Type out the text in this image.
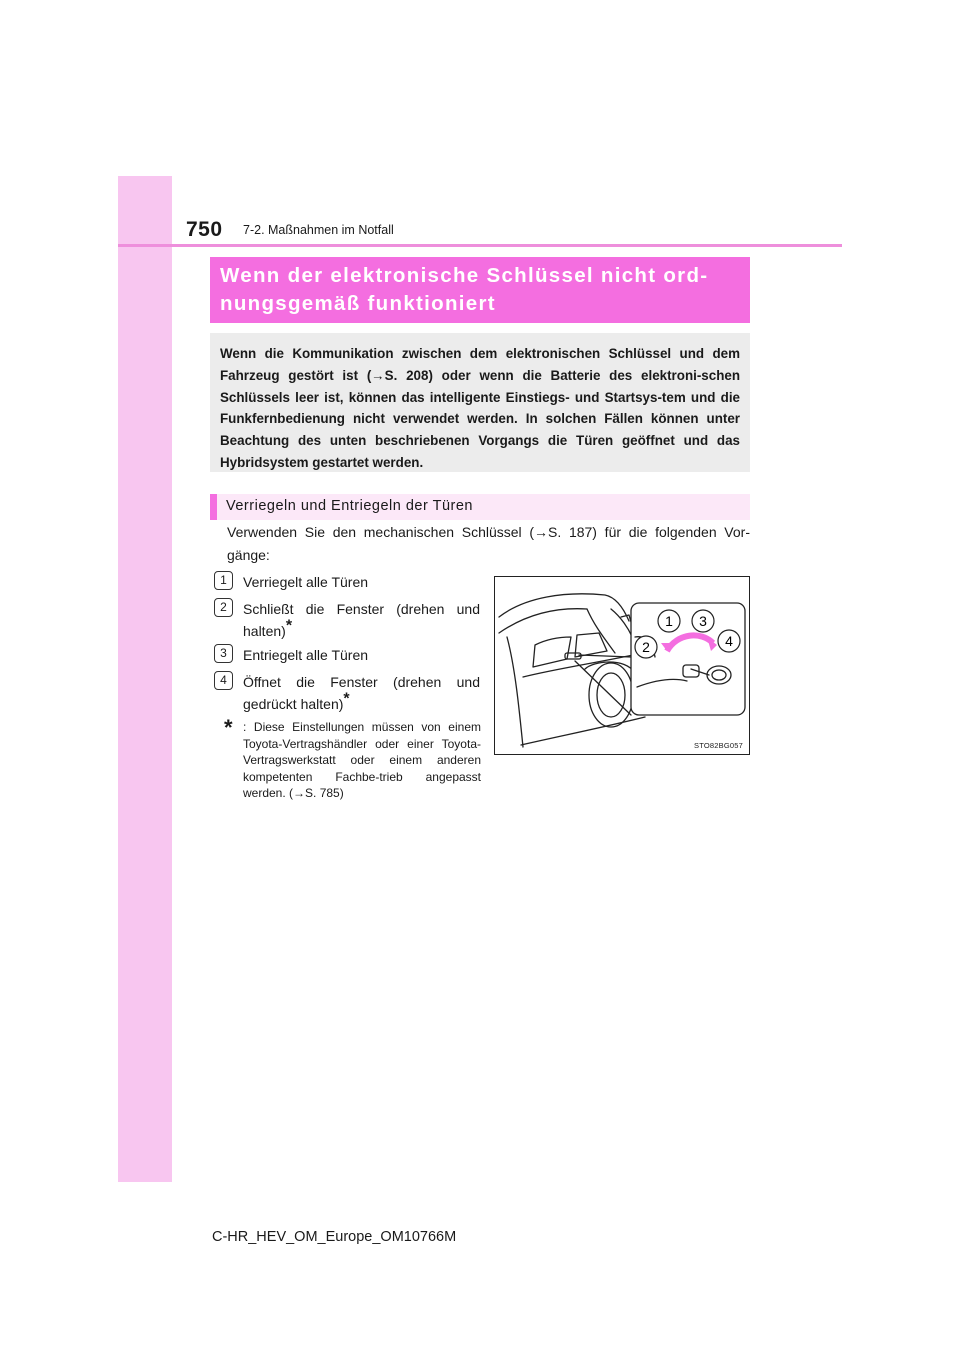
750 7-2. Maßnahmen im Notfall
Wenn der elektronische Schlüssel nicht ord-
nungsgemäß funktioniert
Wenn die Kommunikation zwischen dem elektronischen Schlüssel und dem Fahrzeug gestört ist (→S. 208) oder wenn die Batterie des elektroni-schen Schlüssels leer ist, können das intelligente Einstiegs- und Startsys-tem und die Funkfernbedienung nicht verwendet werden. In solchen Fällen können unter Beachtung des unten beschriebenen Vorgangs die Türen geöffnet und das Hybridsystem gestartet werden.
Verriegeln und Entriegeln der Türen
Verwenden Sie den mechanischen Schlüssel (→S. 187) für die folgenden Vor-gänge:
1	Verriegelt alle Türen
2	Schließt die Fenster (drehen und halten)*
3	Entriegelt alle Türen
4	Öffnet die Fenster (drehen und gedrückt halten)*
* : Diese Einstellungen müssen von einem Toyota-Vertragshändler oder einer Toyota-Vertragswerkstatt oder einem anderen kompetenten Fachbe-trieb angepasst werden. (→S. 785)
1 3
2	4
STO82BG057
C-HR_HEV_OM_Europe_OM10766M
